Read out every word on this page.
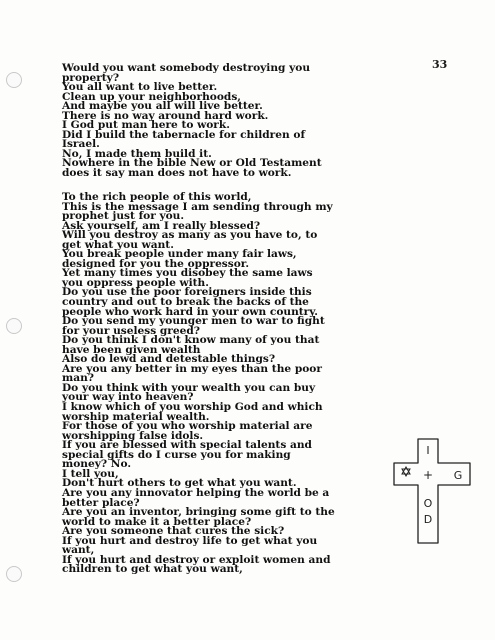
33
Would you want somebody destroying you
property?
You all want to live better.
Clean up your neighborhoods,
And maybe you all will live better.
There is no way around hard work.
I God put man here to work.
Did I build the tabernacle for children of
Israel.
No, I made them build it.
Nowhere in the bible New or Old Testament
does it say man does not have to work.
To the rich people of this world,
This is the message I am sending through my
prophet just for you.
Ask yourself, am I really blessed?
Will you destroy as many as you have to, to
get what you want.
You break people under many fair laws,
designed for you the oppressor.
Yet many times you disobey the same laws
you oppress people with.
Do you use the poor foreigners inside this
country and out to break the backs of the
people who work hard in your own country.
Do you send my younger men to war to fight
for your useless greed?
Do you think I don't know many of you that
have been given wealth
Also do lewd and detestable things?
Are you any better in my eyes than the poor
man?
Do you think with your wealth you can buy
your way into heaven?
I know which of you worship God and which
worship material wealth.
For those of you who worship material are
worshipping false idols.
If you are blessed with special talents and
special gifts do I curse you for making
money? No.
I tell you,
Don't hurt others to get what you want.
Are you any innovator helping the world be a
better place?
Are you an inventor, bringing some gift to the
world to make it a better place?
Are you someone that cures the sick?
If you hurt and destroy life to get what you
want,
If you hurt and destroy or exploit women and
children to get what you want,
I
G
O
D
+
